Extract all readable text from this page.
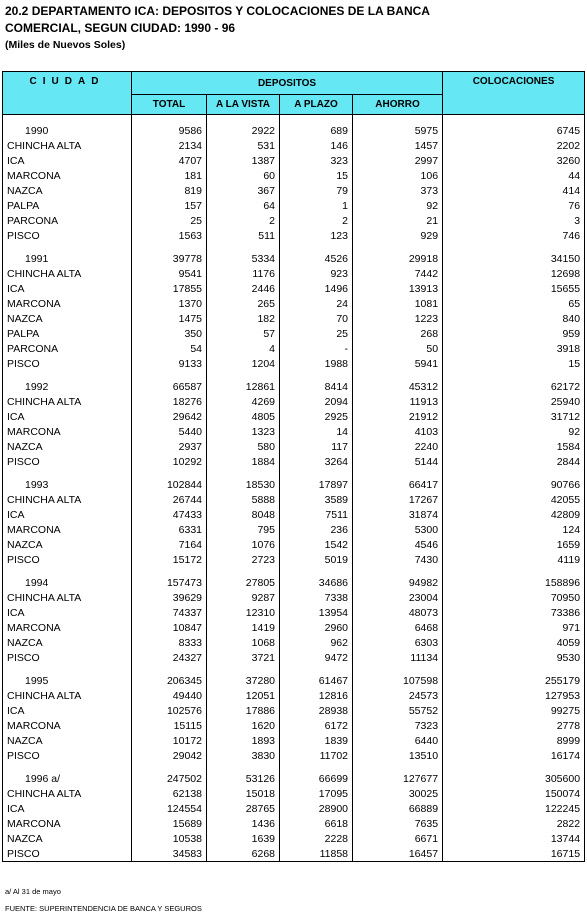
20.2 DEPARTAMENTO ICA: DEPOSITOS Y COLOCACIONES DE LA BANCA
COMERCIAL, SEGUN CIUDAD: 1990 - 96
(Miles de Nuevos Soles)
CIUDAD	DEPOSITOS				COLOCACIONES
	TOTAL	A LA VISTA	A PLAZO	AHORRO	

1990	9586	2922	689	5975	6745
CHINCHA ALTA	2134	531	146	1457	2202
ICA	4707	1387	323	2997	3260
MARCONA	181	60	15	106	44
NAZCA	819	367	79	373	414
PALPA	157	64	1	92	76
PARCONA	25	2	2	21	3
PISCO	1563	511	123	929	746

1991	39778	5334	4526	29918	34150
CHINCHA ALTA	9541	1176	923	7442	12698
ICA	17855	2446	1496	13913	15655
MARCONA	1370	265	24	1081	65
NAZCA	1475	182	70	1223	840
PALPA	350	57	25	268	959
PARCONA	54	4	-	50	3918
PISCO	9133	1204	1988	5941	15

1992	66587	12861	8414	45312	62172
CHINCHA ALTA	18276	4269	2094	11913	25940
ICA	29642	4805	2925	21912	31712
MARCONA	5440	1323	14	4103	92
NAZCA	2937	580	117	2240	1584
PISCO	10292	1884	3264	5144	2844

1993	102844	18530	17897	66417	90766
CHINCHA ALTA	26744	5888	3589	17267	42055
ICA	47433	8048	7511	31874	42809
MARCONA	6331	795	236	5300	124
NAZCA	7164	1076	1542	4546	1659
PISCO	15172	2723	5019	7430	4119

1994	157473	27805	34686	94982	158896
CHINCHA ALTA	39629	9287	7338	23004	70950
ICA	74337	12310	13954	48073	73386
MARCONA	10847	1419	2960	6468	971
NAZCA	8333	1068	962	6303	4059
PISCO	24327	3721	9472	11134	9530

1995	206345	37280	61467	107598	255179
CHINCHA ALTA	49440	12051	12816	24573	127953
ICA	102576	17886	28938	55752	99275
MARCONA	15115	1620	6172	7323	2778
NAZCA	10172	1893	1839	6440	8999
PISCO	29042	3830	11702	13510	16174

1996 a/	247502	53126	66699	127677	305600
CHINCHA ALTA	62138	15018	17095	30025	150074
ICA	124554	28765	28900	66889	122245
MARCONA	15689	1436	6618	7635	2822
NAZCA	10538	1639	2228	6671	13744
PISCO	34583	6268	11858	16457	16715
a/ Al 31 de mayo
FUENTE: SUPERINTENDENCIA DE BANCA Y SEGUROS
